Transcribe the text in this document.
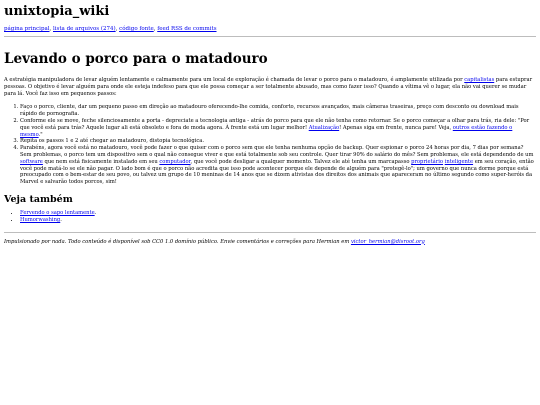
unixtopia_wiki
página principal, lista de arquivos (274), código fonte, feed RSS de commits
Levando o porco para o matadouro

A estratégia manipuladora de levar alguém lentamente e calmamente para um local de exploração é chamada de levar o porco para o matadouro, é amplamente utilizada por capitalistas para estuprar pessoas. O objetivo é levar alguém para onde ele esteja indefeso para que ele possa começar a ser totalmente abusado, mas como fazer isso? Quando a vítima vê o lugar, ela não vai querer se mudar para lá. Você faz isso em pequenos passos:

1. Faço o porco, cliente, dar um pequeno passo em direção ao matadouro oferecendo-lhe comida, conforto, recursos avançados, mais câmeras traseiras, preço com desconto ou download mais rápido de pornografia.
2. Conforme ele se move, feche silenciosamente a porta - depreciate a tecnologia antiga - atrás do porco para que ele não tenha como retornar. Se o porco começar a olhar para trás, ria dele: "Por que você está para trás? Aquele lugar ali está obsoleto e fora de moda agora. À frente está um lugar melhor! Atualização! Apenas siga em frente, nunca pare! Veja, outros estão fazendo o mesmo."
3. Repita os passos 1 e 2 até chegar ao matadouro, distopia tecnológica.
4. Parabéns, agora você está no matadouro, você pode fazer o que quiser com o porco sem que ele tenha nenhuma opção de backup. Quer espionar o porco 24 horas por dia, 7 dias por semana? Sem problemas, o porco tem um dispositivo sem o qual não consegue viver e que está totalmente sob seu controle. Quer tirar 90% do salário do mês? Sem problemas, ele está dependendo de um software que nem está fisicamente instalado em seu computador, que você pode desligar a qualquer momento. Talvez ele até tenha um marcapasso proprietário inteligente em seu coração, então você pode matá-lo se ele não pagar. O lado bom é que o porco não acredita que isso pode acontecer porque ele depende de alguém para "protegê-lo"; um governo que nunca dorme porque está preocupado com o bem-estar de seu povo, ou talvez um grupo de 10 meninas de 14 anos que se dizem ativistas dos direitos dos animais que apareceram no último segundo como super-heróis da Marvel e salvarão todos porcos, sim!
Veja também
• Fervendo o sapo lentamente.
• Humorwashing.
Impulsionado por nada. Todo conteúdo é disponível sob CC0 1.0 domínio público. Envie comentários e correções para Hermian em victor_hermian@disroot.org
